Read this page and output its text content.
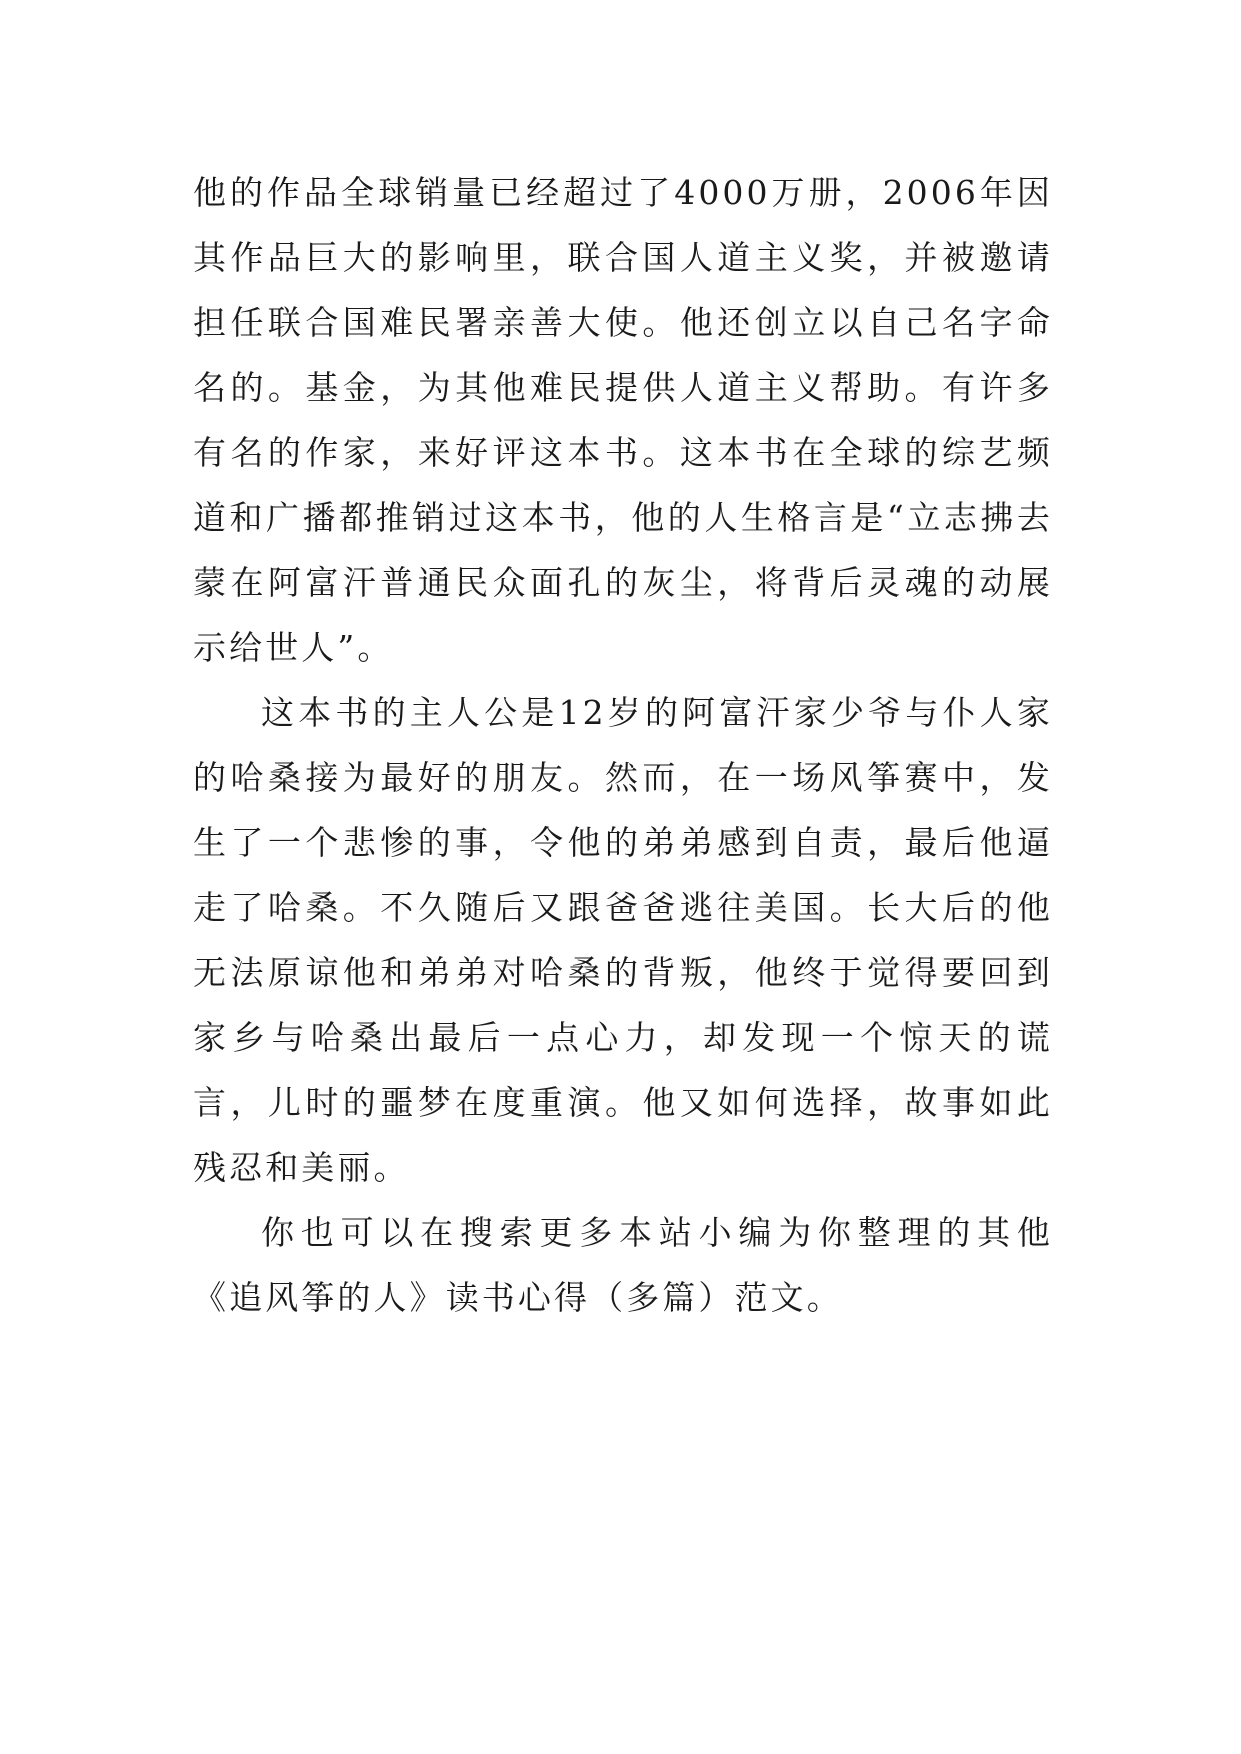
他的作品全球销量已经超过了4000万册，2006年因其作品巨大的影响里，联合国人道主义奖，并被邀请担任联合国难民署亲善大使。他还创立以自己名字命名的。基金，为其他难民提供人道主义帮助。有许多有名的作家，来好评这本书。这本书在全球的综艺频道和广播都推销过这本书，他的人生格言是“立志拂去蒙在阿富汗普通民众面孔的灰尘，将背后灵魂的动展示给世人”。

这本书的主人公是12岁的阿富汗家少爷与仆人家的哈桑接为最好的朋友。然而，在一场风筝赛中，发生了一个悲惨的事，令他的弟弟感到自责，最后他逼走了哈桑。不久随后又跟爸爸逃往美国。长大后的他无法原谅他和弟弟对哈桑的背叛，他终于觉得要回到家乡与哈桑出最后一点心力，却发现一个惊天的谎言，儿时的噩梦在度重演。他又如何选择，故事如此残忍和美丽。

你也可以在搜索更多本站小编为你整理的其他《追风筝的人》读书心得（多篇）范文。
